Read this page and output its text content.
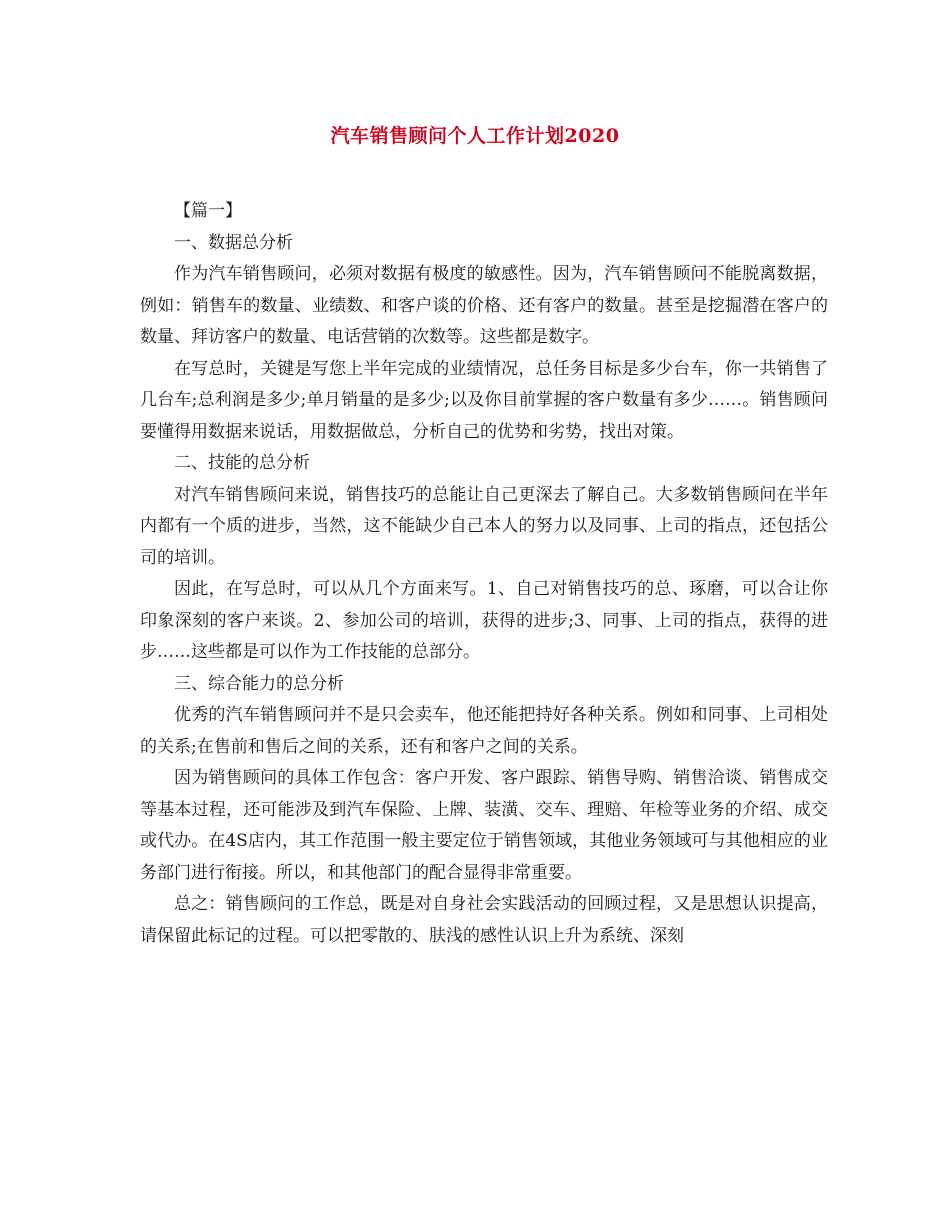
汽车销售顾问个人工作计划2020

【篇一】

一、数据总分析

作为汽车销售顾问，必须对数据有极度的敏感性。因为，汽车销售顾问不能脱离数据，例如：销售车的数量、业绩数、和客户谈的价格、还有客户的数量。甚至是挖掘潜在客户的数量、拜访客户的数量、电话营销的次数等。这些都是数字。

在写总时，关键是写您上半年完成的业绩情况，总任务目标是多少台车，你一共销售了几台车;总利润是多少;单月销量的是多少;以及你目前掌握的客户数量有多少……。销售顾问要懂得用数据来说话，用数据做总，分析自己的优势和劣势，找出对策。

二、技能的总分析

对汽车销售顾问来说，销售技巧的总能让自己更深去了解自己。大多数销售顾问在半年内都有一个质的进步，当然，这不能缺少自己本人的努力以及同事、上司的指点，还包括公司的培训。

因此，在写总时，可以从几个方面来写。1、自己对销售技巧的总、琢磨，可以合让你印象深刻的客户来谈。2、参加公司的培训，获得的进步;3、同事、上司的指点，获得的进步……这些都是可以作为工作技能的总部分。

三、综合能力的总分析

优秀的汽车销售顾问并不是只会卖车，他还能把持好各种关系。例如和同事、上司相处的关系;在售前和售后之间的关系，还有和客户之间的关系。

因为销售顾问的具体工作包含：客户开发、客户跟踪、销售导购、销售洽谈、销售成交等基本过程，还可能涉及到汽车保险、上牌、装潢、交车、理赔、年检等业务的介绍、成交或代办。在4S店内，其工作范围一般主要定位于销售领域，其他业务领域可与其他相应的业务部门进行衔接。所以，和其他部门的配合显得非常重要。

总之：销售顾问的工作总，既是对自身社会实践活动的回顾过程，又是思想认识提高，请保留此标记的过程。可以把零散的、肤浅的感性认识上升为系统、深刻
